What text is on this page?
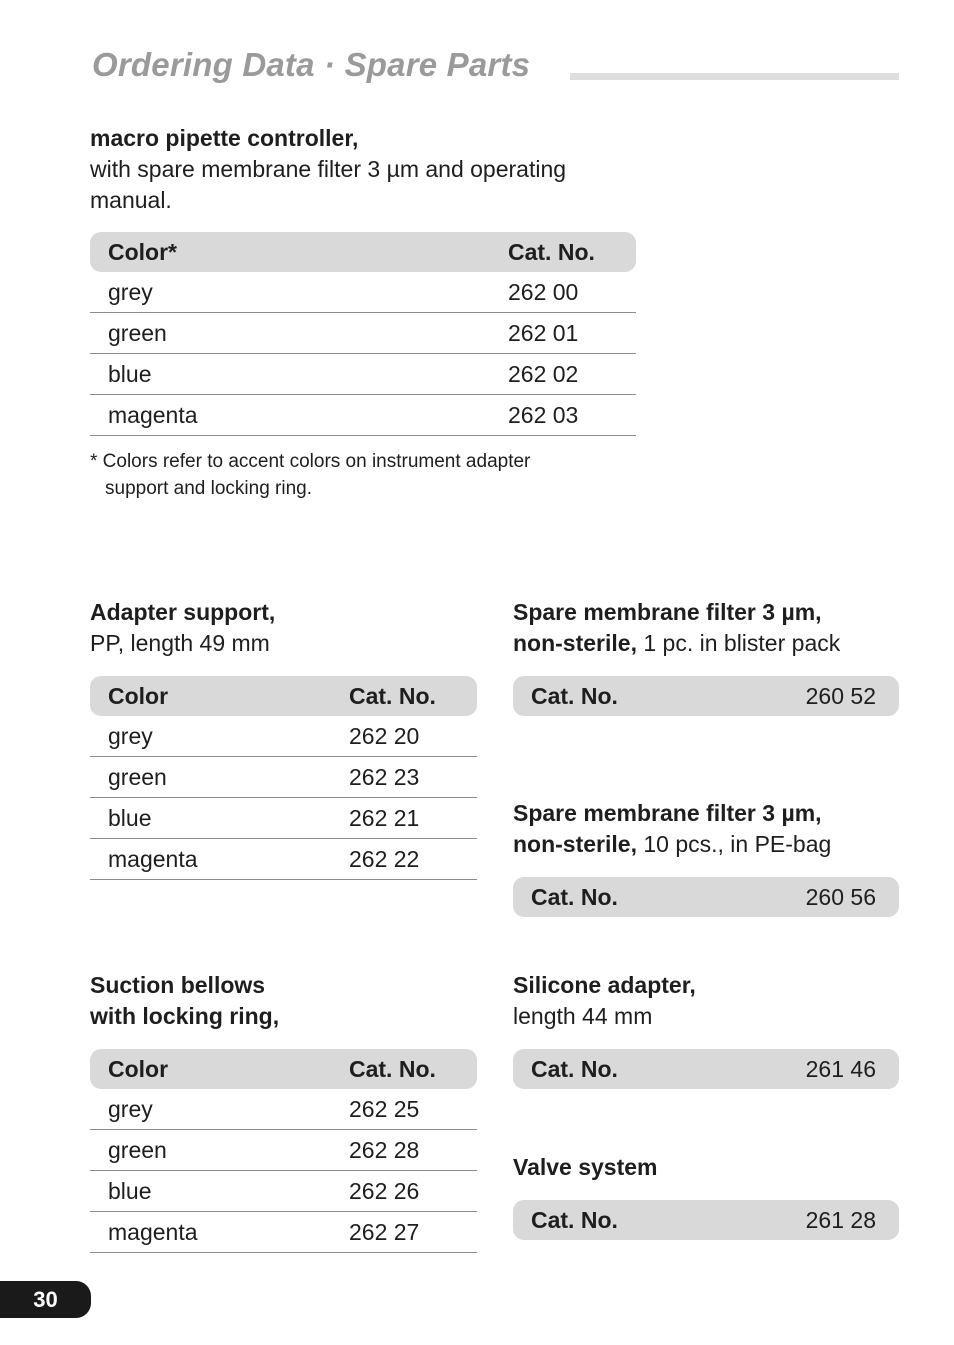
Ordering Data · Spare Parts
macro pipette controller,
with spare membrane filter 3 µm and operating
manual.
Color*	Cat. No.
grey	262 00
green	262 01
blue	262 02
magenta	262 03
* Colors refer to accent colors on instrument adapter
support and locking ring.
Adapter support,
PP, length 49 mm
Color	Cat. No.
grey	262 20
green	262 23
blue	262 21
magenta	262 22
Suction bellows
with locking ring,
Color	Cat. No.
grey	262 25
green	262 28
blue	262 26
magenta	262 27
Spare membrane filter 3 µm,
non-sterile, 1 pc. in blister pack
Cat. No.	260 52
Spare membrane filter 3 µm,
non-sterile, 10 pcs., in PE-bag
Cat. No.	260 56
Silicone adapter,
length 44 mm
Cat. No.	261 46
Valve system
Cat. No.	261 28
30
